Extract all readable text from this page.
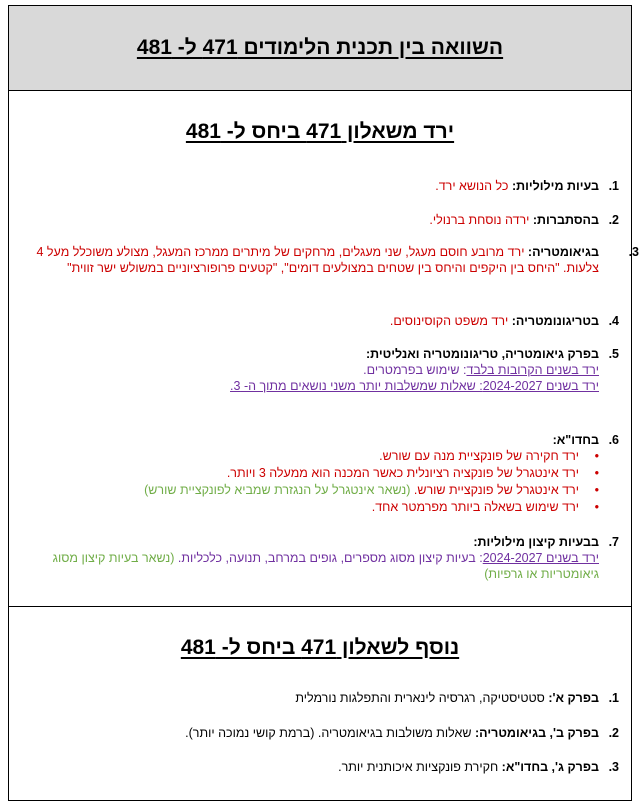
השוואה בין תכנית הלימודים 471 ל- 481
ירד משאלון 471 ביחס ל- 481
1.בעיות מילוליות: כל הנושא ירד.
2.בהסתברות: ירדה נוסחת ברנולי.
3.בגיאומטריה: ירד מרובע חוסם מעגל, שני מעגלים, מרחקים של מיתרים ממרכז המעגל, מצולע משוכלל מעל 4 צלעות. "היחס בין היקפים והיחס בין שטחים במצולעים דומים", "קטעים פרופורציוניים במשולש ישר זווית"
4.בטריגונומטריה: ירד משפט הקוסינוסים.
5.בפרק גיאומטריה, טריגונומטריה ואנליטית:
ירד בשנים הקרובות בלבד: שימוש בפרמטרים.
ירד בשנים 2024-2027: שאלות שמשלבות יותר משני נושאים מתוך ה- 3.
6.בחדו"א:
• ירד חקירה של פונקציית מנה עם שורש.
• ירד אינטגרל של פונקציה רציונלית כאשר המכנה הוא ממעלה 3 ויותר.
• ירד אינטגרל של פונקציית שורש. (נשאר אינטגרל על הנגזרת שמביא לפונקציית שורש)
• ירד שימוש בשאלה ביותר מפרמטר אחד.
7.בבעיות קיצון מילוליות:
ירד בשנים 2024-2027: בעיות קיצון מסוג מספרים, גופים במרחב, תנועה, כלכליות. (נשאר בעיות קיצון מסוג גיאומטריות או גרפיות)
נוסף לשאלון 471 ביחס ל- 481
1.בפרק א': סטטיסטיקה, רגרסיה לינארית והתפלגות נורמלית
2.בפרק ב', בגיאומטריה: שאלות משולבות בגיאומטריה. (ברמת קושי נמוכה יותר).
3.בפרק ג', בחדו"א: חקירת פונקציות איכותנית יותר.
